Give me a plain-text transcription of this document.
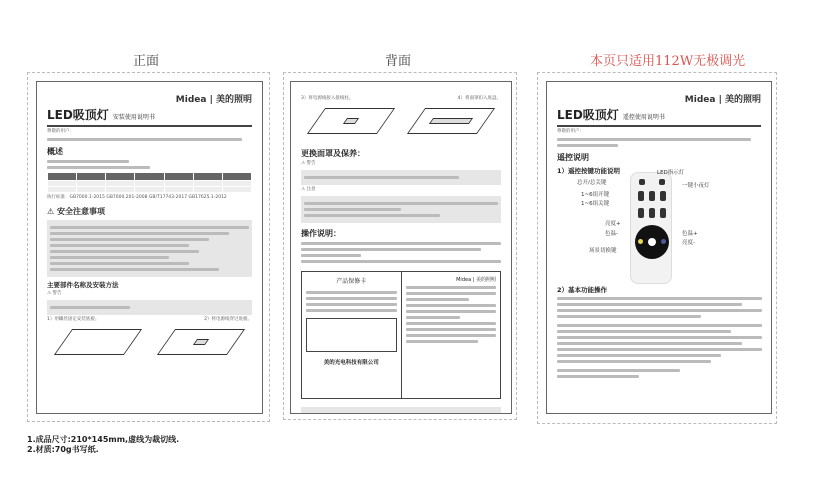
正面	背面	本页只适用112W无极调光
Midea | 美的照明
LED吸顶灯 安装使用说明书
尊敬的用户：
概述

执行标准：GB7000.1-2015 GB7000.201-2008 GB/T17743-2017 GB17625.1-2012
⚠ 安全注意事项
主要部件名称及安装方法
⚠ 警告
1）用螺丝固定安装底板。	2）将电源线穿过底板。
3）将电源线接入接线柱。	4）将面罩扣入底盘。
更换面罩及保养：
⚠ 警告
⚠ 注意
操作说明：
产品保修卡
美的光电科技有限公司
Midea | 美的照明
Midea | 美的照明
LED吸顶灯 遥控使用说明书
尊敬的用户：
遥控说明
1）遥控按键功能说明	LED指示灯
总开/总关键
1~6组开键
1~6组关键
一键小夜灯
亮度+
色温-	色温+
亮度-
场景切换键
2）基本功能操作
1.成品尺寸:210*145mm,虚线为裁切线.
2.材质:70g书写纸.
